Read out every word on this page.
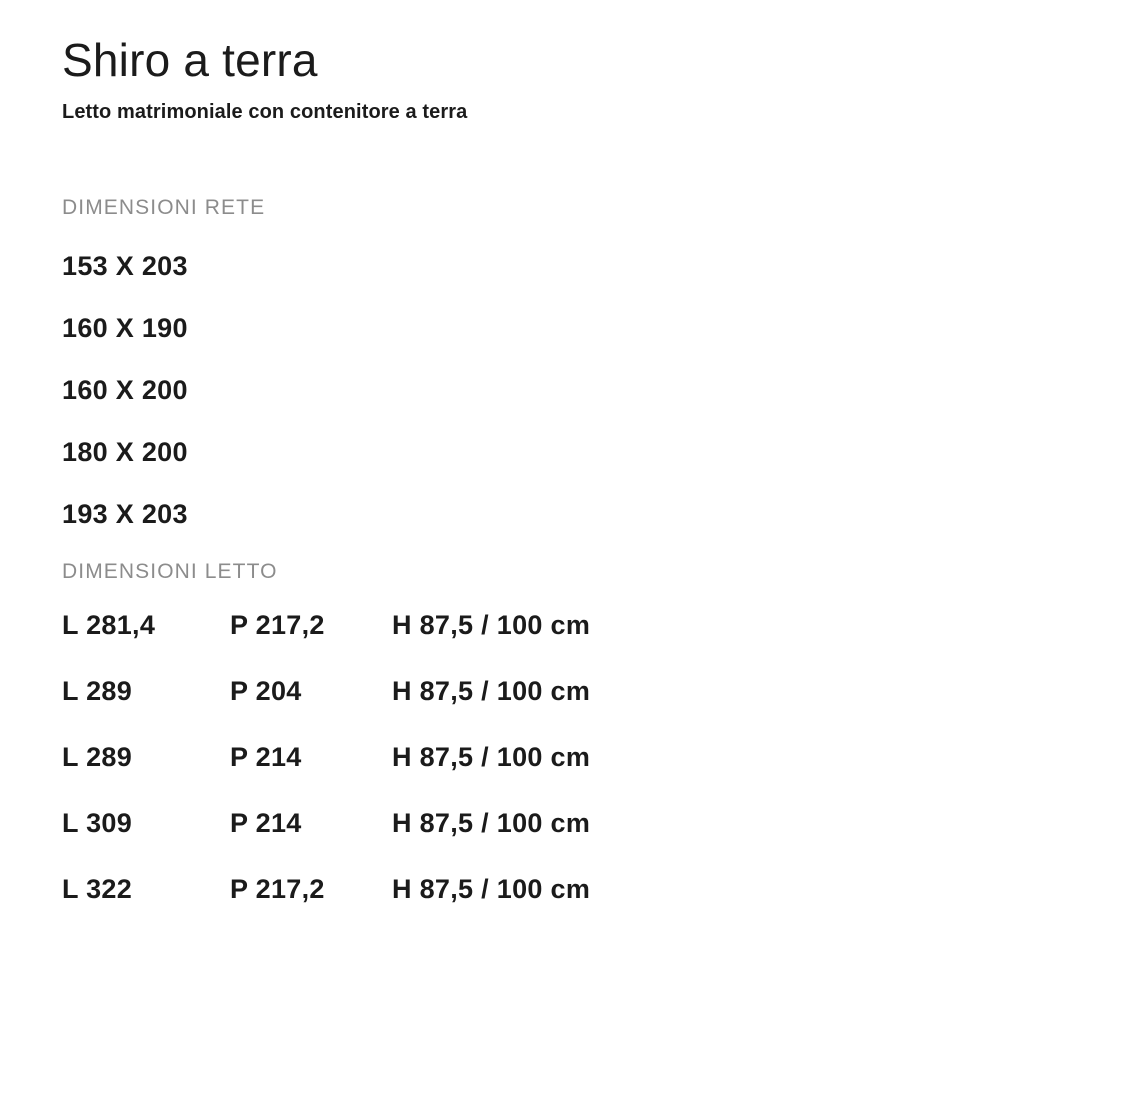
Shiro a terra

Letto matrimoniale con contenitore a terra

DIMENSIONI RETE
153 X 203
160 X 190
160 X 200
180 X 200
193 X 203
DIMENSIONI LETTO
L 281,4	P 217,2	H 87,5 / 100 cm
L 289	P 204	H 87,5 / 100 cm
L 289	P 214	H 87,5 / 100 cm
L 309	P 214	H 87,5 / 100 cm
L 322	P 217,2	H 87,5 / 100 cm
